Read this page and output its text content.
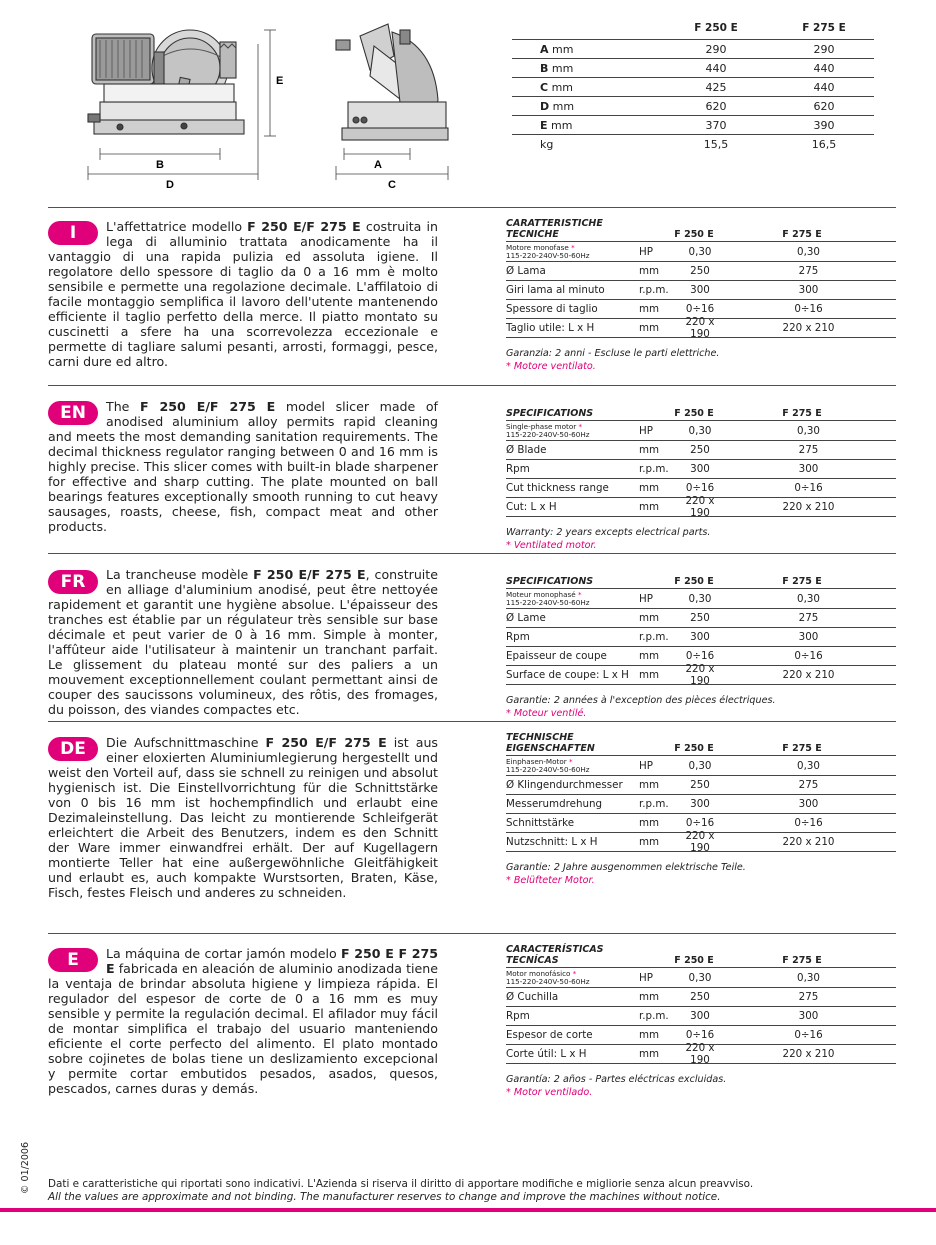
B
D
E
A
C
F 250 E	F 275 E
A mm	290	290
B mm	440	440
C mm	425	440
D mm	620	620
E mm	370	390
kg	15,5	16,5
I	L'affettatrice modello F 250 E/F 275 E costruita in lega di alluminio trattata anodicamente ha il vantaggio di una rapida pulizia ed assoluta igiene. Il regolatore dello spessore di taglio da 0 a 16 mm è molto sensibile e permette una regolazione decimale. L'affilatoio di facile montaggio semplifica il lavoro dell'utente mantenendo efficiente il taglio perfetto della merce. Il piatto montato su cuscinetti a sfere ha una scorrevolezza eccezionale e permette di tagliare salumi pesanti, arrosti, formaggi, pesce, carni dure ed altro.
CARATTERISTICHE
TECNICHE	F 250 E	F 275 E
Motore monofase *
115-220-240V-50-60Hz	HP	0,30	0,30
Ø Lama	mm	250	275
Giri lama al minuto	r.p.m.	300	300
Spessore di taglio	mm	0÷16	0÷16
Taglio utile: L x H	mm	220 x 190	220 x 210
Garanzia: 2 anni - Escluse le parti elettriche.
* Motore ventilato.
EN	The F 250 E/F 275 E model slicer made of anodised aluminium alloy permits rapid cleaning and meets the most demanding sanitation requirements. The decimal thickness regulator ranging between 0 and 16 mm is highly precise. This slicer comes with built-in blade sharpener for effective and sharp cutting. The plate mounted on ball bearings features exceptionally smooth running to cut heavy sausages, roasts, cheese, fish, compact meat and other products.

SPECIFICATIONS	F 250 E	F 275 E
Single-phase motor *
115-220-240V-50-60Hz	HP	0,30	0,30
Ø Blade	mm	250	275
Rpm	r.p.m.	300	300
Cut thickness range	mm	0÷16	0÷16
Cut: L x H	mm	220 x 190	220 x 210
Warranty: 2 years excepts electrical parts.
* Ventilated motor.
FR	La trancheuse modèle F 250 E/F 275 E, construite en alliage d'aluminium anodisé, peut être nettoyée rapidement et garantit une hygiène absolue. L'épaisseur des tranches est établie par un régulateur très sensible sur base décimale et peut varier de 0 à 16 mm. Simple à monter, l'affûteur aide l'utilisateur à maintenir un tranchant parfait. Le glissement du plateau monté sur des paliers a un mouvement exceptionnellement coulant permettant ainsi de couper des saucissons volumineux, des rôtis, des fromages, du poisson, des viandes compactes etc.

SPECIFICATIONS	F 250 E	F 275 E
Moteur monophasé *
115-220-240V-50-60Hz	HP	0,30	0,30
Ø Lame	mm	250	275
Rpm	r.p.m.	300	300
Epaisseur de coupe	mm	0÷16	0÷16
Surface de coupe: L x H mm	220 x 190	220 x 210
Garantie: 2 années à l'exception des pièces électriques.
* Moteur ventilé.
DE	Die Aufschnittmaschine F 250 E/F 275 E ist aus einer eloxierten Aluminiumlegierung hergestellt und weist den Vorteil auf, dass sie schnell zu reinigen und absolut hygienisch ist. Die Einstellvorrichtung für die Schnittstärke von 0 bis 16 mm ist hochempfindlich und erlaubt eine Dezimaleinstellung. Das leicht zu montierende Schleifgerät erleichtert die Arbeit des Benutzers, indem es den Schnitt der Ware immer einwandfrei erhält. Der auf Kugellagern montierte Teller hat eine außergewöhnliche Gleitfähigkeit und erlaubt es, auch kompakte Wurstsorten, Braten, Käse, Fisch, festes Fleisch und anderes zu schneiden.
TECHNISCHE
EIGENSCHAFTEN	F 250 E	F 275 E
Einphasen-Motor *
115-220-240V-50-60Hz	HP	0,30	0,30
Ø Klingendurchmesser	mm	250	275
Messerumdrehung	r.p.m.	300	300
Schnittstärke	mm	0÷16	0÷16
Nutzschnitt: L x H	mm	220 x 190	220 x 210
Garantie: 2 Jahre ausgenommen elektrische Teile.
* Belüfteter Motor.
E	La máquina de cortar jamón modelo F 250 E F 275 E fabricada en aleación de aluminio anodizada tiene la ventaja de brindar absoluta higiene y limpieza rápida. El regulador del espesor de corte de 0 a 16 mm es muy sensible y permite la regulación decimal. El afilador muy fácil de montar simplifica el trabajo del usuario manteniendo eficiente el corte perfecto del alimento. El plato montado sobre cojinetes de bolas tiene un deslizamiento excepcional y permite cortar embutidos pesados, asados, quesos, pescados, carnes duras y demás.
CARACTERÍSTICAS
TECNÍCAS	F 250 E	F 275 E
Motor monofásico *
115-220-240V-50-60Hz	HP	0,30	0,30
Ø Cuchilla	mm	250	275
Rpm	r.p.m.	300	300
Espesor de corte	mm	0÷16	0÷16
Corte útil: L x H	mm	220 x 190	220 x 210
Garantía: 2 años - Partes eléctricas excluidas.
* Motor ventilado.
© 01/2006 Dati e caratteristiche qui riportati sono indicativi. L'Azienda si riserva il diritto di apportare modifiche e migliorie senza alcun preavviso.
All the values are approximate and not binding. The manufacturer reserves to change and improve the machines without notice.
